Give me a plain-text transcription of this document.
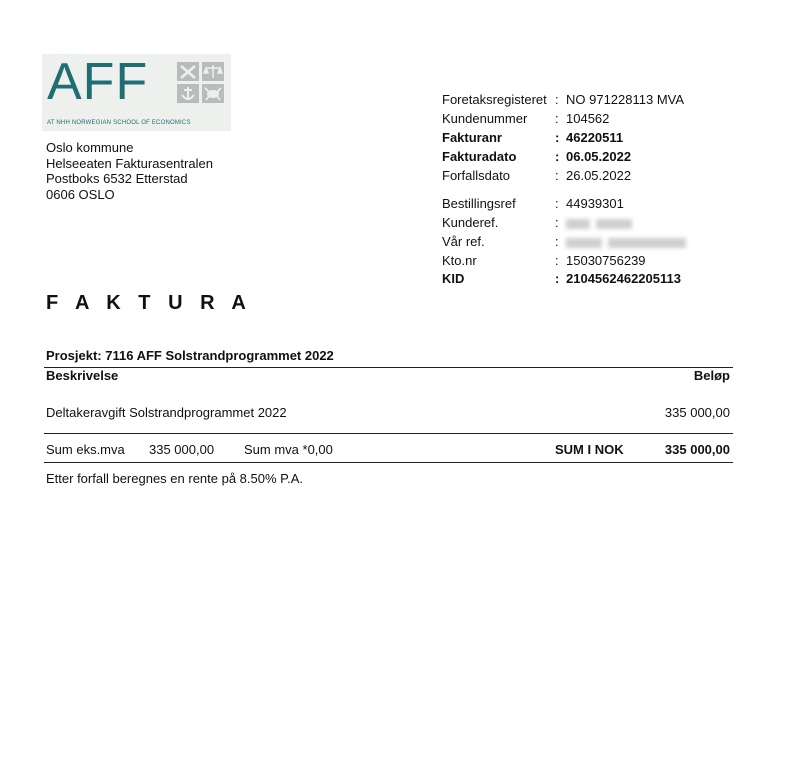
AFF
AT NHH NORWEGIAN SCHOOL OF ECONOMICS
Oslo kommune
Helseeaten Fakturasentralen
Postboks 6532 Etterstad
0606 OSLO
Foretaksregisteret : NO 971228113 MVA
Kundenummer : 104562
Fakturanr	: 46220511
Fakturadato	: 06.05.2022
Forfallsdato	: 26.05.2022
Bestillingsref	: 44939301
Kunderef.	:
Vår ref.	:
Kto.nr	: 15030756239
KID	: 2104562462205113
F A K T U R A
Prosjekt: 7116 AFF Solstrandprogrammet 2022
Beskrivelse	Beløp
Deltakeravgift Solstrandprogrammet 2022	335 000,00
Sum eks.mva 335 000,00 Sum mva *0,00	SUM I NOK	335 000,00
Etter forfall beregnes en rente på 8.50% P.A.
